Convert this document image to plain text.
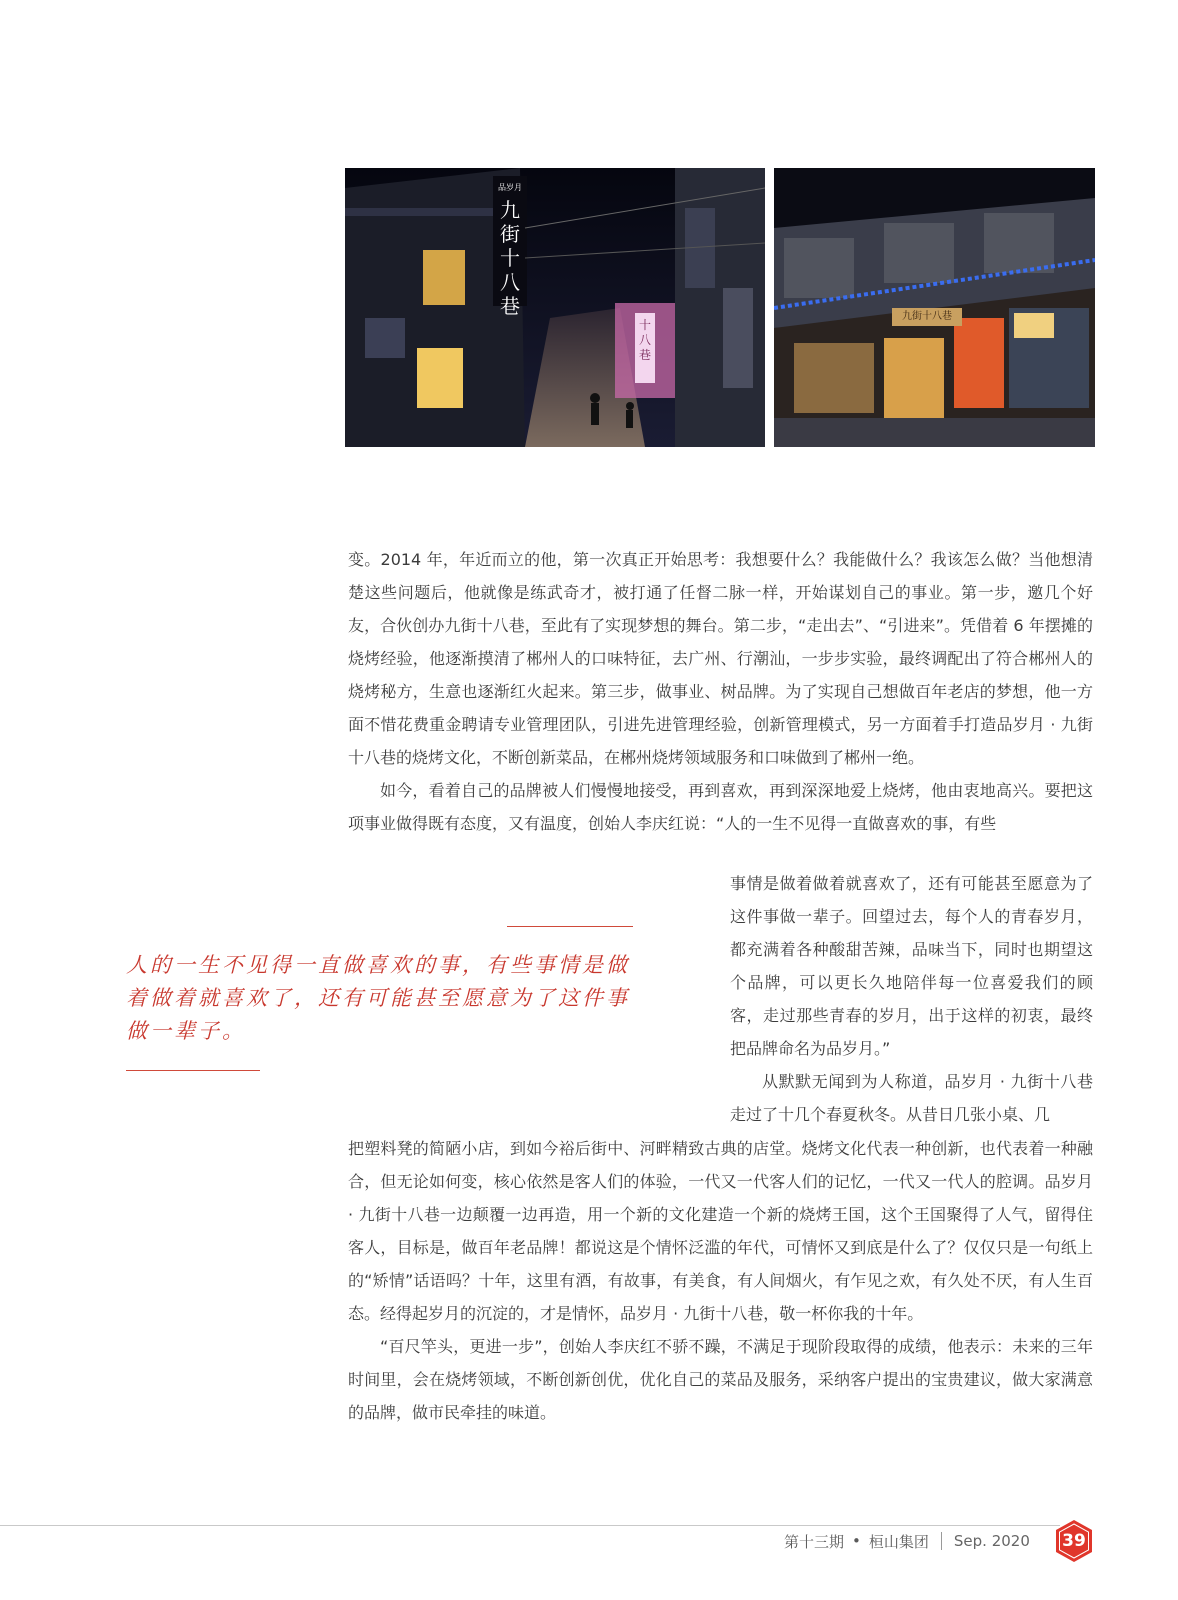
品岁月
九街十八巷
十八巷
九街十八巷

变。2014 年，年近而立的他，第一次真正开始思考：我想要什么？我能做什么？我该怎么做？当他想清楚这些问题后，他就像是练武奇才，被打通了任督二脉一样，开始谋划自己的事业。第一步，邀几个好友，合伙创办九街十八巷，至此有了实现梦想的舞台。第二步，“走出去”、“引进来”。凭借着 6 年摆摊的烧烤经验，他逐渐摸清了郴州人的口味特征，去广州、行潮汕，一步步实验，最终调配出了符合郴州人的烧烤秘方，生意也逐渐红火起来。第三步，做事业、树品牌。为了实现自己想做百年老店的梦想，他一方面不惜花费重金聘请专业管理团队，引进先进管理经验，创新管理模式，另一方面着手打造品岁月 · 九街十八巷的烧烤文化，不断创新菜品，在郴州烧烤领域服务和口味做到了郴州一绝。

如今，看着自己的品牌被人们慢慢地接受，再到喜欢，再到深深地爱上烧烤，他由衷地高兴。要把这项事业做得既有态度，又有温度，创始人李庆红说：“人的一生不见得一直做喜欢的事，有些

人的一生不见得一直做喜欢的事，有些事情是做着做着就喜欢了，还有可能甚至愿意为了这件事做一辈子。

事情是做着做着就喜欢了，还有可能甚至愿意为了这件事做一辈子。回望过去，每个人的青春岁月，都充满着各种酸甜苦辣，品味当下，同时也期望这个品牌，可以更长久地陪伴每一位喜爱我们的顾客，走过那些青春的岁月，出于这样的初衷，最终把品牌命名为品岁月。”

从默默无闻到为人称道，品岁月 · 九街十八巷走过了十几个春夏秋冬。从昔日几张小桌、几

把塑料凳的简陋小店，到如今裕后街中、河畔精致古典的店堂。烧烤文化代表一种创新，也代表着一种融合，但无论如何变，核心依然是客人们的体验，一代又一代客人们的记忆，一代又一代人的腔调。品岁月 · 九街十八巷一边颠覆一边再造，用一个新的文化建造一个新的烧烤王国，这个王国聚得了人气，留得住客人，目标是，做百年老品牌！都说这是个情怀泛滥的年代，可情怀又到底是什么了？仅仅只是一句纸上的“矫情”话语吗？十年，这里有酒，有故事，有美食，有人间烟火，有乍见之欢，有久处不厌，有人生百态。经得起岁月的沉淀的，才是情怀，品岁月 · 九街十八巷，敬一杯你我的十年。

“百尺竿头，更进一步”，创始人李庆红不骄不躁，不满足于现阶段取得的成绩，他表示：未来的三年时间里，会在烧烤领域，不断创新创优，优化自己的菜品及服务，采纳客户提出的宝贵建议，做大家满意的品牌，做市民牵挂的味道。

第十三期 • 桓山集团 Sep. 2020	39
